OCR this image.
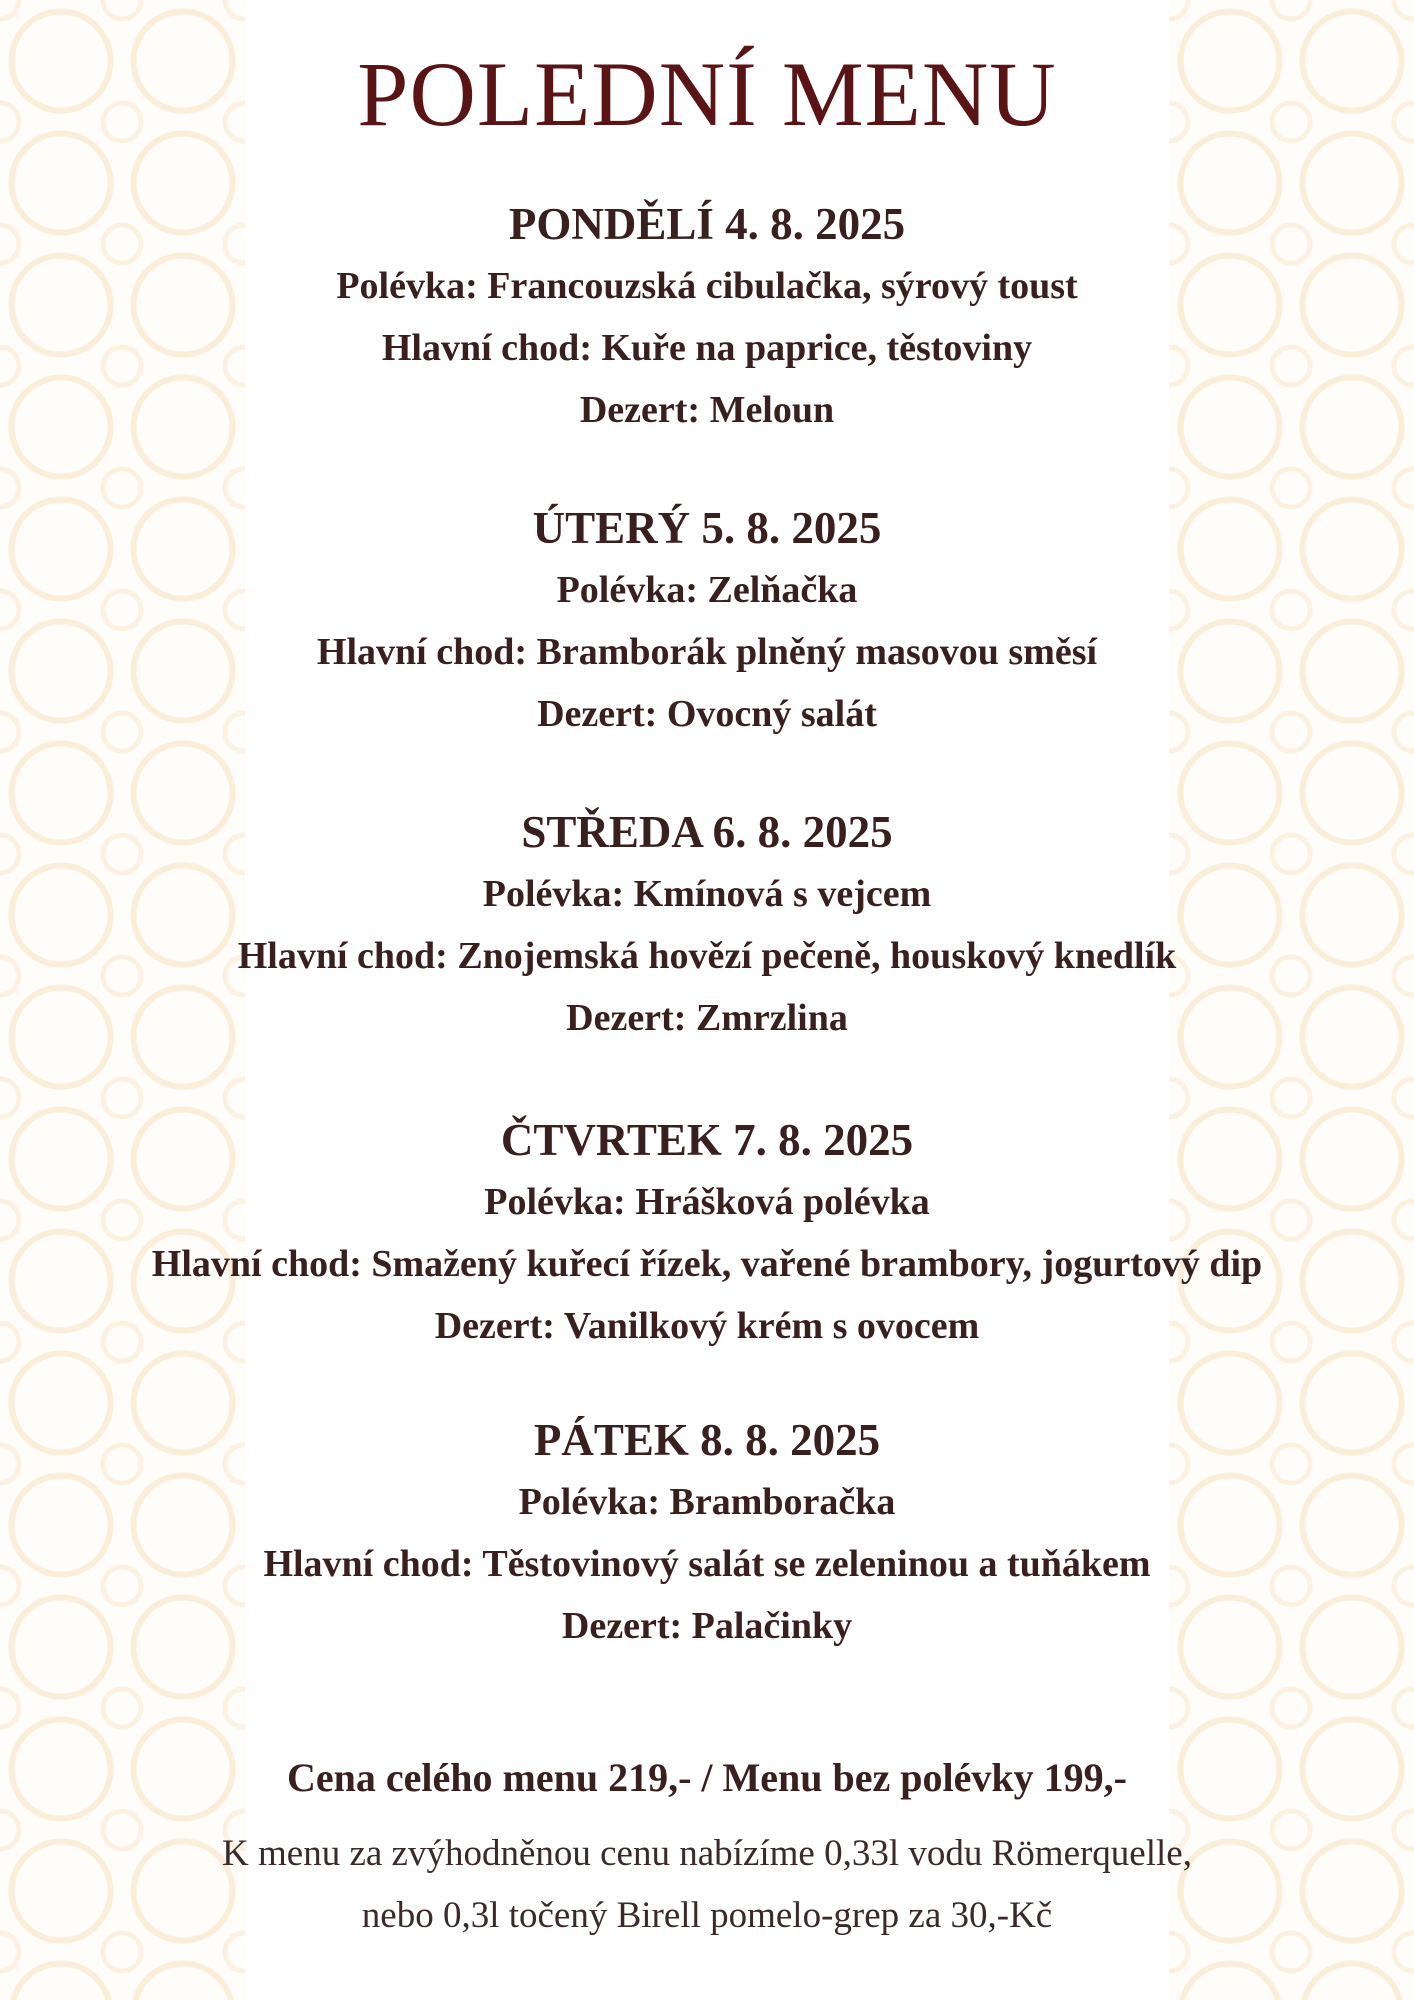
POLEDNÍ MENU
PONDĚLÍ 4. 8. 2025
Polévka: Francouzská cibulačka, sýrový toust
Hlavní chod: Kuře na paprice, těstoviny
Dezert: Meloun
ÚTERÝ 5. 8. 2025
Polévka: Zelňačka
Hlavní chod: Bramborák plněný masovou směsí
Dezert: Ovocný salát
STŘEDA 6. 8. 2025
Polévka: Kmínová s vejcem
Hlavní chod: Znojemská hovězí pečeně, houskový knedlík
Dezert: Zmrzlina
ČTVRTEK 7. 8. 2025
Polévka: Hrášková polévka
Hlavní chod: Smažený kuřecí řízek, vařené brambory, jogurtový dip
Dezert: Vanilkový krém s ovocem
PÁTEK 8. 8. 2025
Polévka: Bramboračka
Hlavní chod: Těstovinový salát se zeleninou a tuňákem
Dezert: Palačinky
Cena celého menu 219,- / Menu bez polévky 199,-
K menu za zvýhodněnou cenu nabízíme 0,33l vodu Römerquelle,
nebo 0,3l točený Birell pomelo-grep za 30,-Kč
